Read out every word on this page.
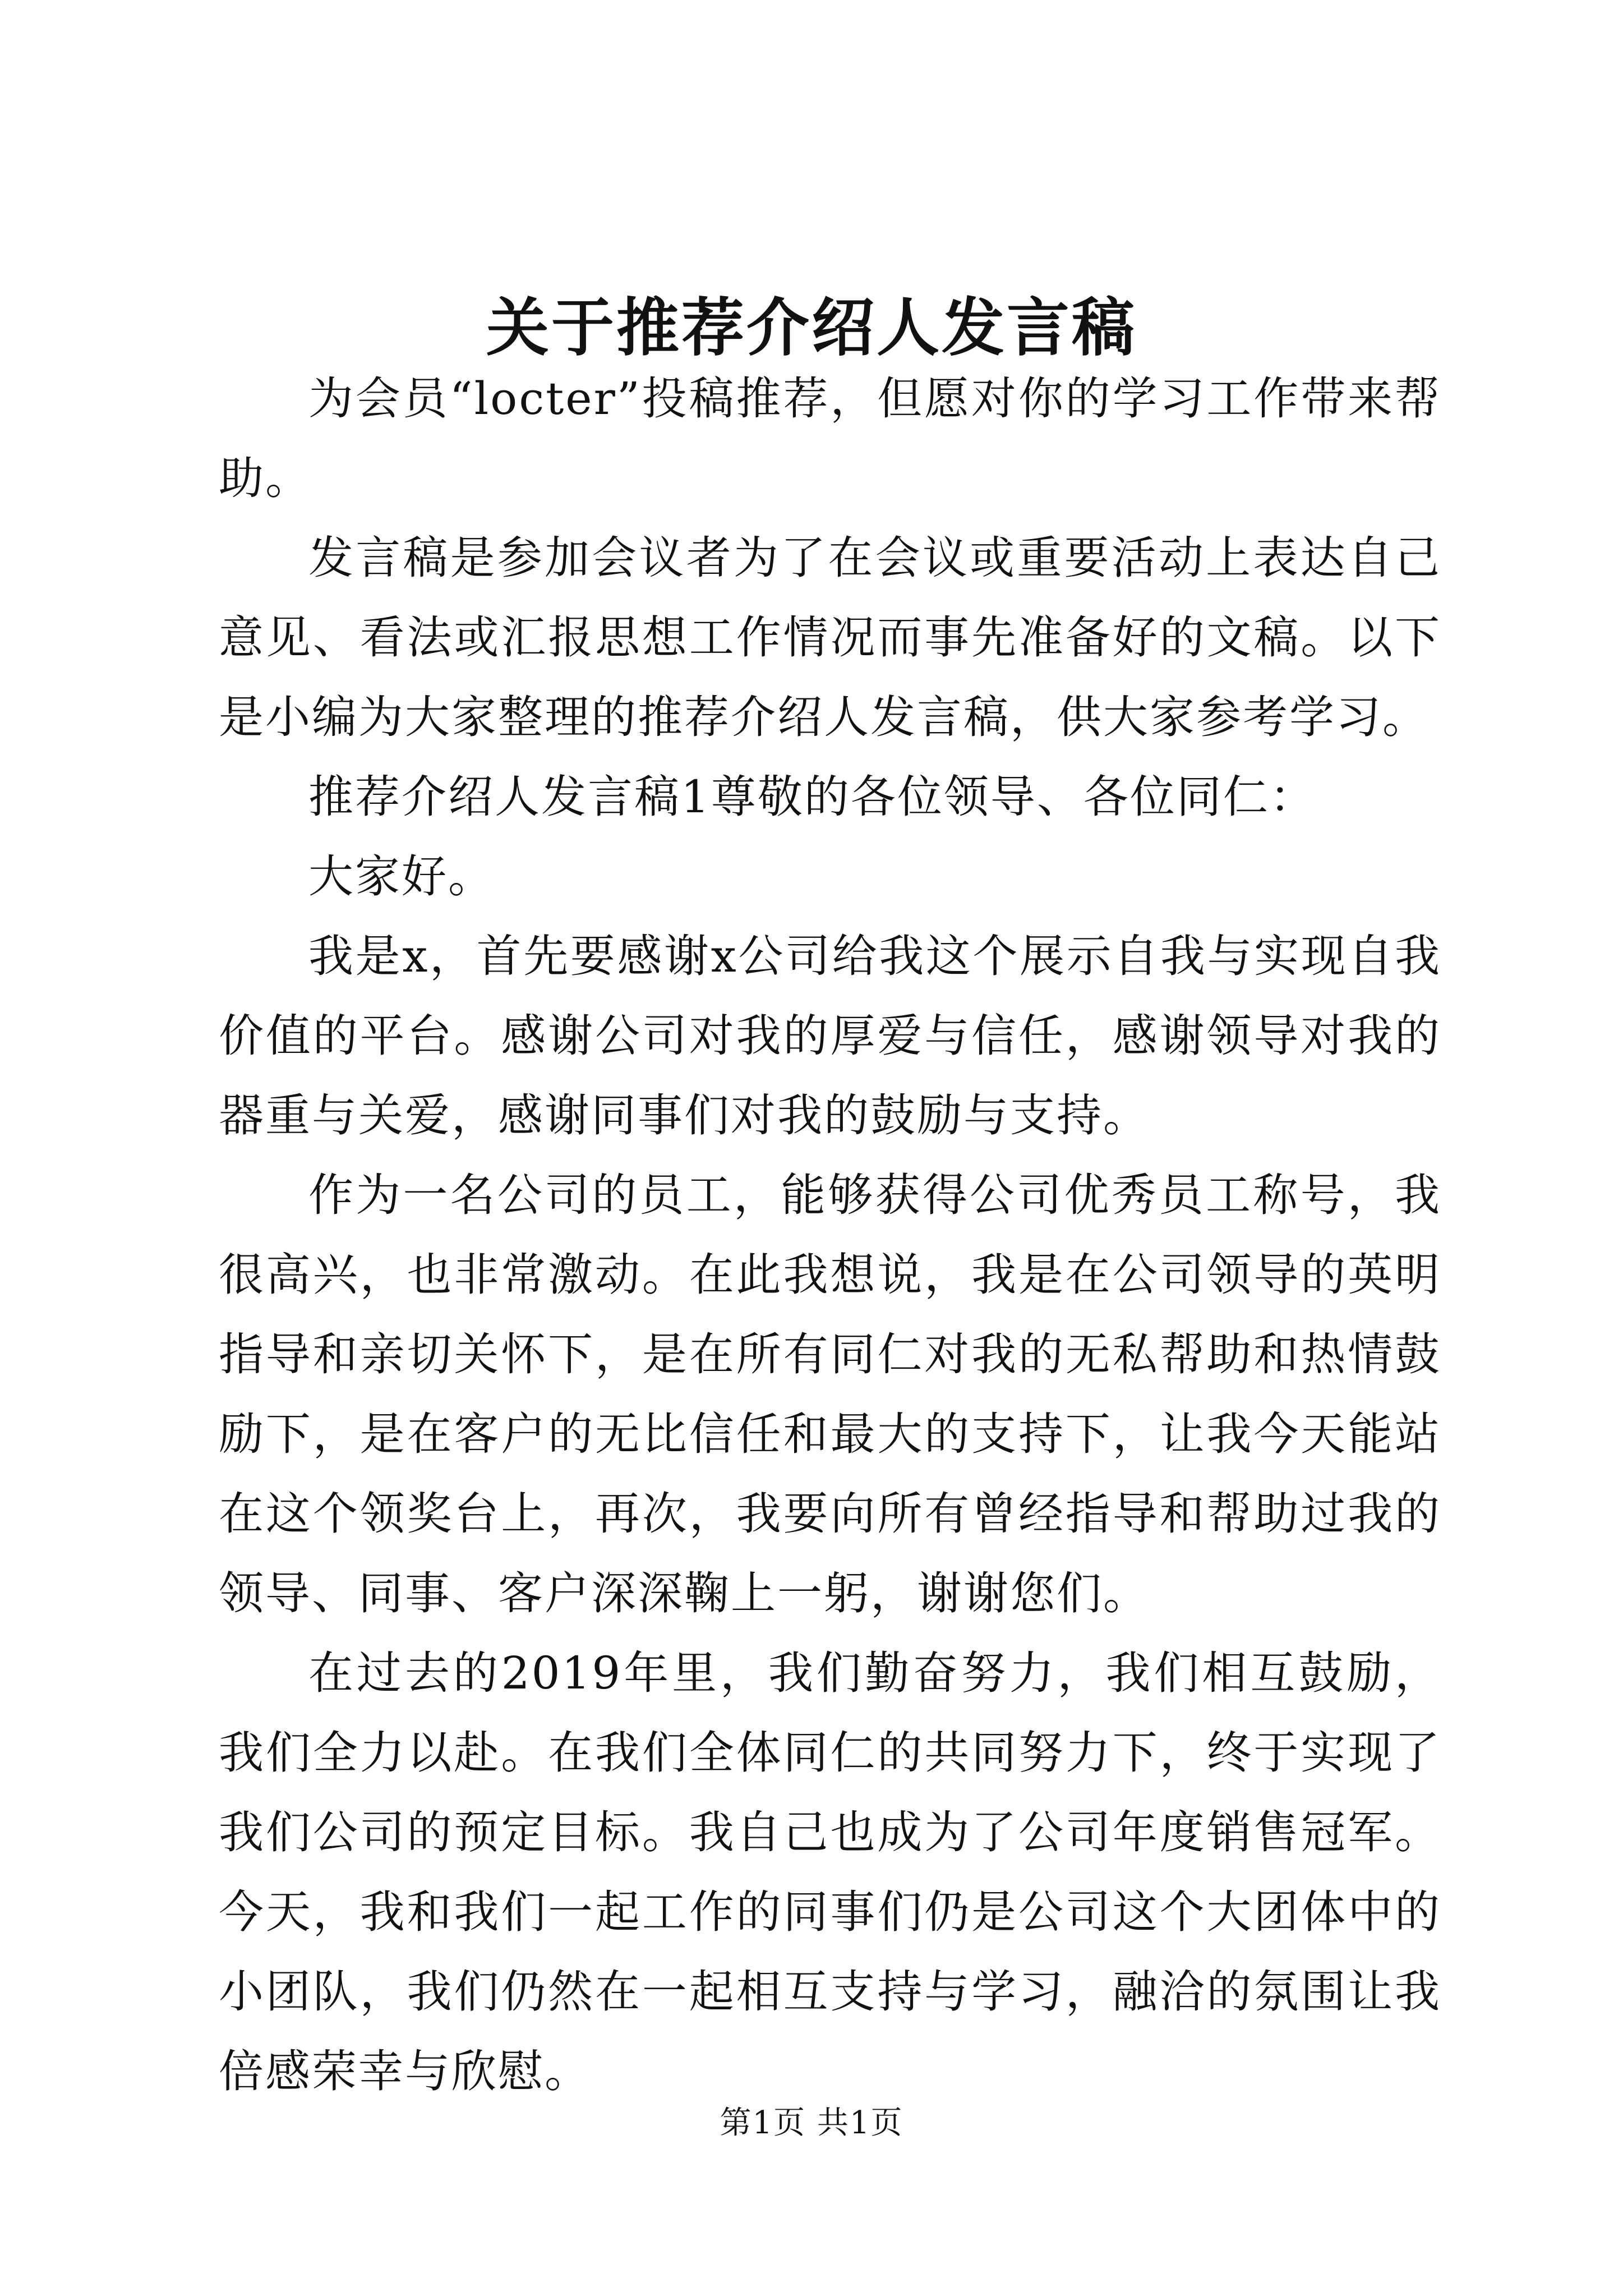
关于推荐介绍人发言稿

为会员“locter”投稿推荐，但愿对你的学习工作带来帮助。

发言稿是参加会议者为了在会议或重要活动上表达自己意见、看法或汇报思想工作情况而事先准备好的文稿。以下是小编为大家整理的推荐介绍人发言稿，供大家参考学习。

推荐介绍人发言稿1尊敬的各位领导、各位同仁：

大家好。

我是x，首先要感谢x公司给我这个展示自我与实现自我价值的平台。感谢公司对我的厚爱与信任，感谢领导对我的器重与关爱，感谢同事们对我的鼓励与支持。

作为一名公司的员工，能够获得公司优秀员工称号，我很高兴，也非常激动。在此我想说，我是在公司领导的英明指导和亲切关怀下，是在所有同仁对我的无私帮助和热情鼓励下，是在客户的无比信任和最大的支持下，让我今天能站在这个领奖台上，再次，我要向所有曾经指导和帮助过我的领导、同事、客户深深鞠上一躬，谢谢您们。

在过去的2019年里，我们勤奋努力，我们相互鼓励，我们全力以赴。在我们全体同仁的共同努力下，终于实现了我们公司的预定目标。我自己也成为了公司年度销售冠军。今天，我和我们一起工作的同事们仍是公司这个大团体中的小团队，我们仍然在一起相互支持与学习，融洽的氛围让我倍感荣幸与欣慰。

第1页 共1页
